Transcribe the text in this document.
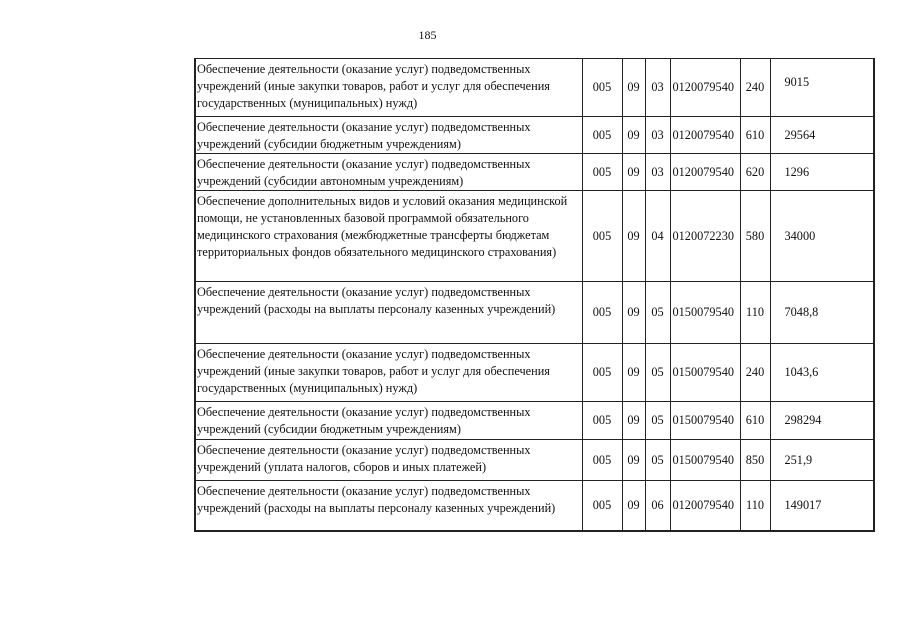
185
Обеспечение деятельности (оказание услуг) подведомственных учреждений (иные закупки товаров, работ и услуг для обеспечения государственных (муниципальных) нужд)	005	09	03	0120079540	240	9015
Обеспечение деятельности (оказание услуг) подведомственных учреждений (субсидии бюджетным учреждениям)	005	09	03	0120079540	610	29564
Обеспечение деятельности (оказание услуг) подведомственных учреждений (субсидии автономным учреждениям)	005	09	03	0120079540	620	1296
Обеспечение дополнительных видов и условий оказания медицинской помощи, не установленных базовой программой обязательного медицинского страхования (межбюджетные трансферты бюджетам территориальных фондов обязательного медицинского страхования)	005	09	04	0120072230	580	34000
Обеспечение деятельности (оказание услуг) подведомственных учреждений (расходы на выплаты персоналу казенных учреждений)	005	09	05	0150079540	110	7048,8
Обеспечение деятельности (оказание услуг) подведомственных учреждений (иные закупки товаров, работ и услуг для обеспечения государственных (муниципальных) нужд)	005	09	05	0150079540	240	1043,6
Обеспечение деятельности (оказание услуг) подведомственных учреждений (субсидии бюджетным учреждениям)	005	09	05	0150079540	610	298294
Обеспечение деятельности (оказание услуг) подведомственных учреждений (уплата налогов, сборов и иных платежей)	005	09	05	0150079540	850	251,9
Обеспечение деятельности (оказание услуг) подведомственных учреждений (расходы на выплаты персоналу казенных учреждений)	005	09	06	0120079540	110	149017
